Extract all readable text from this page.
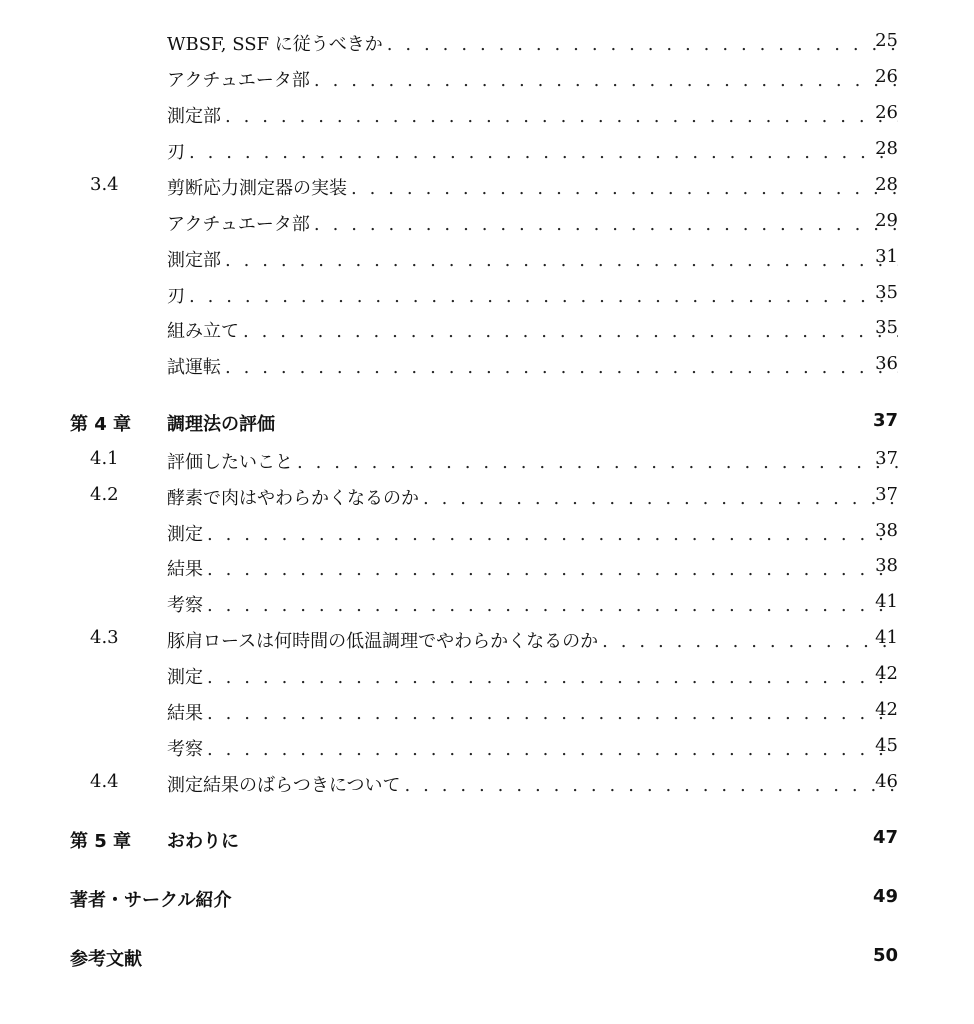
WBSF, SSF に従うべきか . . .	25
アクチュエータ部 . . .	26
測定部 . . .	26
刃 . . .	28
3.4	剪断応力測定器の実装 . . .	28
アクチュエータ部 . . .	29
測定部 . . .	31
刃 . . .	35
組み立て . . .	35
試運転 . . .	36
第 4 章 調理法の評価	37
4.1	評価したいこと . . .	37
4.2	酵素で肉はやわらかくなるのか . . .	37
測定 . . .	38
結果 . . .	38
考察 . . .	41
4.3	豚肩ロースは何時間の低温調理でやわらかくなるのか . . .	41
測定 . . .	42
結果 . . .	42
考察 . . .	45
4.4	測定結果のばらつきについて . . .	46
第 5 章 おわりに	47
著者・サークル紹介	49
参考文献	50
